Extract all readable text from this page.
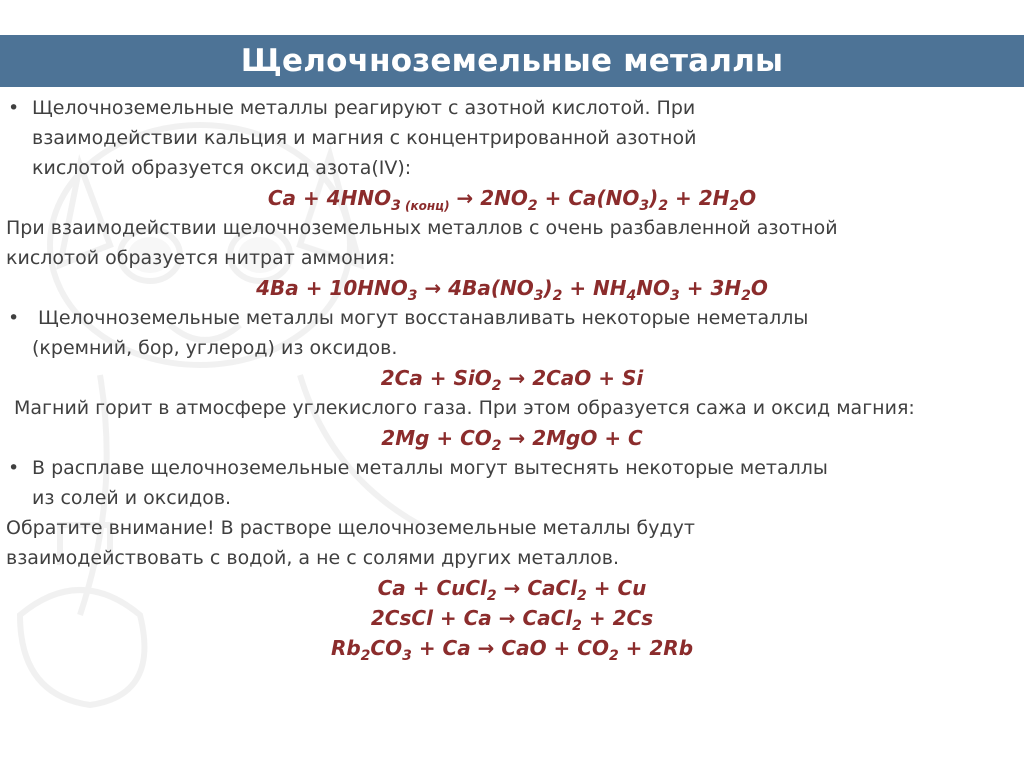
Щелочноземельные металлы
• Щелочноземельные металлы реагируют с азотной кислотой. При
взаимодействии кальция и магния с концентрированной азотной
кислотой образуется оксид азота(IV):
$Ca + 4HNO_3$ $_{(конц)} \to 2NO_2 + Ca(NO_3)_2 + 2H_2O$
При взаимодействии щелочноземельных металлов с очень разбавленной азотной
кислотой образуется нитрат аммония:
$4Ba + 10HNO_3 \to 4Ba(NO_3)_2 + NH_4NO_3 + 3H_2O$
• Щелочноземельные металлы могут восстанавливать некоторые неметаллы
(кремний, бор, углерод) из оксидов.
2Ca + SiO$_2$ → 2CaO + Si
Магний горит в атмосфере углекислого газа. При этом образуется сажа и оксид магния:
$2Mg + CO_2 \to 2MgO + C$
• В расплаве щелочноземельные металлы могут вытеснять некоторые металлы
из солей и оксидов.
Обратите внимание! В растворе щелочноземельные металлы будут
взаимодействовать с водой, а не с солями других металлов.
Ca + CuCl$_2$ → CaCl$_2$ + Cu
2CsCl + Ca → CaCl$_2$ + 2Cs
$Rb_2CO_3 + Ca$ → CaO + $CO_2 + 2Rb$
